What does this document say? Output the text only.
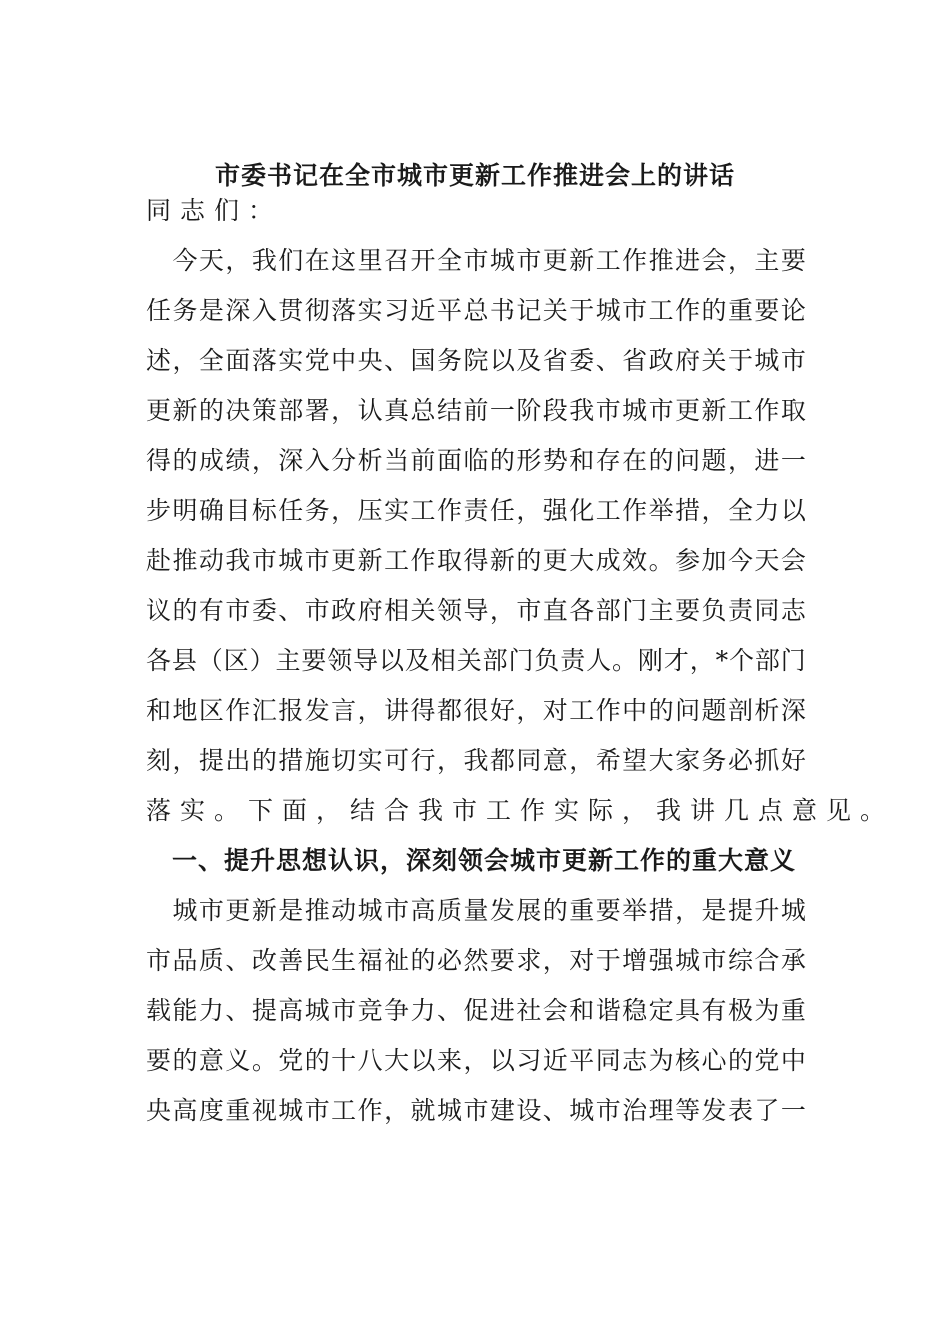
市委书记在全市城市更新工作推进会上的讲话
同志们：

今 天 ， 我 们 在 这 里 召 开 全 市 城 市 更 新 工 作 推 进 会 ， 主 要
任 务 是 深 入 贯 彻 落 实 习 近 平 总 书 记 关 于 城 市 工 作 的 重 要 论
述 ， 全 面 落 实 党 中 央 、 国 务 院 以 及 省 委 、 省 政 府 关 于 城 市
更 新 的 决 策 部 署 ， 认 真 总 结 前 一 阶 段 我 市 城 市 更 新 工 作 取
得 的 成 绩 ， 深 入 分 析 当 前 面 临 的 形 势 和 存 在 的 问 题 ， 进 一
步 明 确 目 标 任 务 ， 压 实 工 作 责 任 ， 强 化 工 作 举 措 ， 全 力 以
赴 推 动 我 市 城 市 更 新 工 作 取 得 新 的 更 大 成 效 。 参 加 今 天 会
议 的 有 市 委 、 市 政 府 相 关 领 导 ， 市 直 各 部 门 主 要 负 责 同 志
各 县 （ 区 ） 主 要 领 导 以 及 相 关 部 门 负 责 人 。 刚 才 ， * 个 部 门
和 地 区 作 汇 报 发 言 ， 讲 得 都 很 好 ， 对 工 作 中 的 问 题 剖 析 深
刻 ， 提 出 的 措 施 切 实 可 行 ， 我 都 同 意 ， 希 望 大 家 务 必 抓 好
落实。下面，结合我市工作实际，我讲几点意见。
　一、提升思想认识，深刻领会城市更新工作的重大意义

城 市 更 新 是 推 动 城 市 高 质 量 发 展 的 重 要 举 措 ， 是 提 升 城
市 品 质 、 改 善 民 生 福 祉 的 必 然 要 求 ， 对 于 增 强 城 市 综 合 承
载 能 力 、 提 高 城 市 竞 争 力 、 促 进 社 会 和 谐 稳 定 具 有 极 为 重
要 的 意 义 。 党 的 十 八 大 以 来 ， 以 习 近 平 同 志 为 核 心 的 党 中
央 高 度 重 视 城 市 工 作 ， 就 城 市 建 设 、 城 市 治 理 等 发 表 了 一
